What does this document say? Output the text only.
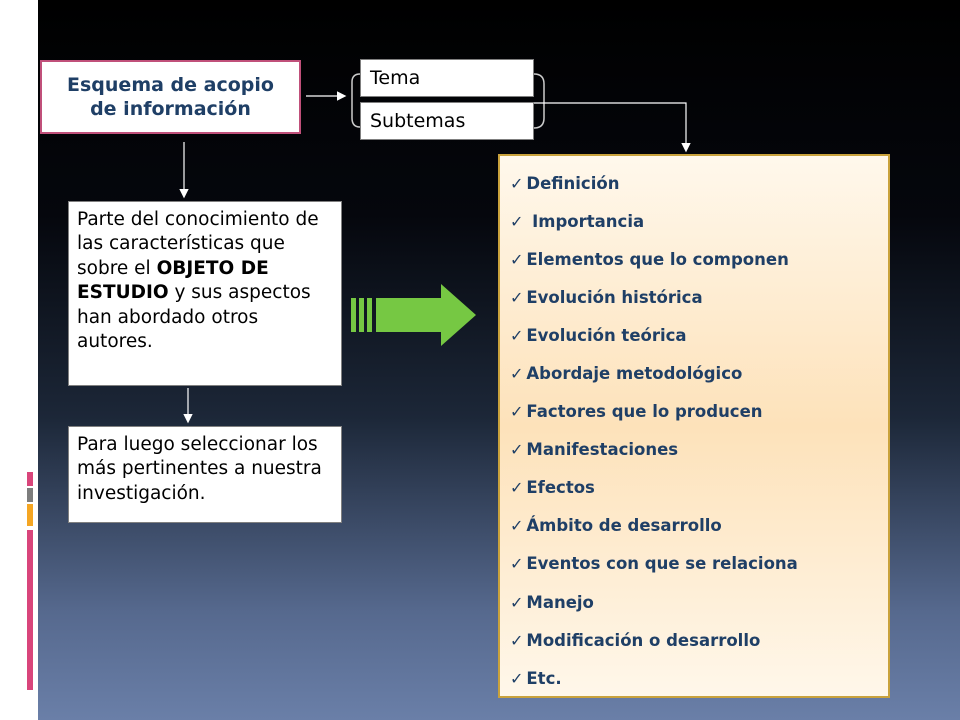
Esquema de acopio
de información
Tema
Subtemas
Parte del conocimiento de las características que sobre el OBJETO DE ESTUDIO y sus aspectos han abordado otros autores.
Para luego seleccionar los más pertinentes a nuestra investigación.
✓ Definición
✓ Importancia
✓ Elementos que lo componen
✓ Evolución histórica
✓ Evolución teórica
✓ Abordaje metodológico
✓ Factores que lo producen
✓ Manifestaciones
✓ Efectos
✓ Ámbito de desarrollo
✓ Eventos con que se relaciona
✓ Manejo
✓ Modificación o desarrollo
✓ Etc.
